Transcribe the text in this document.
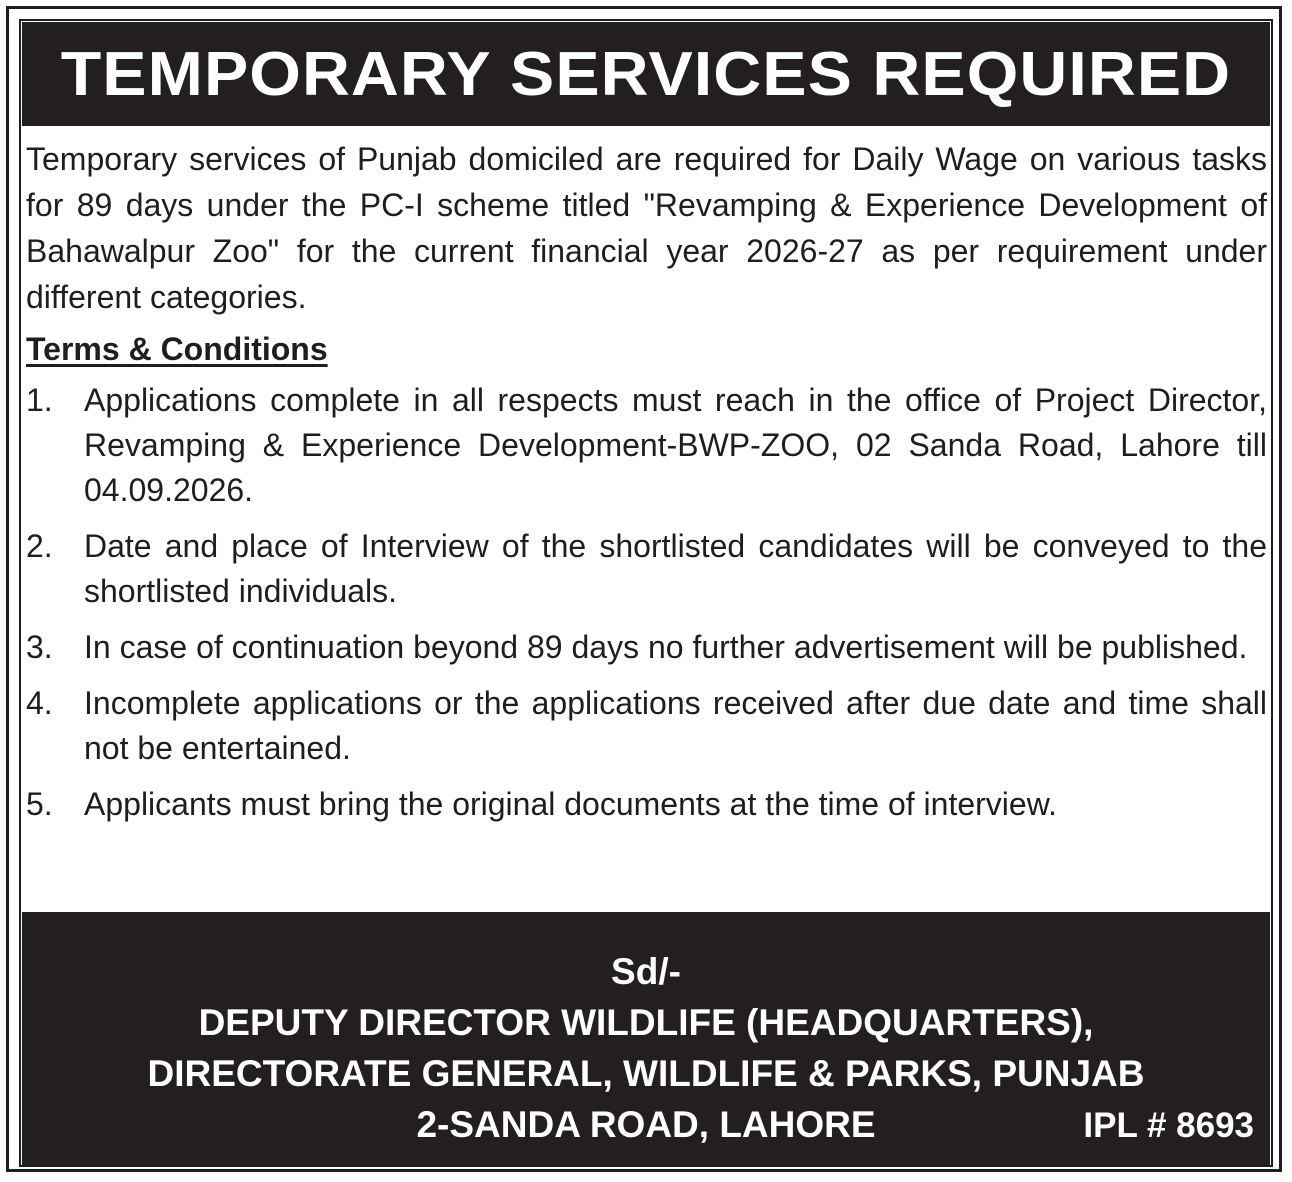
TEMPORARY SERVICES REQUIRED

Temporary services of Punjab domiciled are required for Daily Wage on various tasks for 89 days under the PC-I scheme titled "Revamping & Experience Development of Bahawalpur Zoo" for the current financial year 2026-27 as per requirement under different categories.

Terms & Conditions
1. Applications complete in all respects must reach in the office of Project Director, Revamping & Experience Development-BWP-ZOO, 02 Sanda Road, Lahore till 04.09.2026.
2. Date and place of Interview of the shortlisted candidates will be conveyed to the shortlisted individuals.
3. In case of continuation beyond 89 days no further advertisement will be published.
4. Incomplete applications or the applications received after due date and time shall not be entertained.
5. Applicants must bring the original documents at the time of interview.
Sd/-
DEPUTY DIRECTOR WILDLIFE (HEADQUARTERS),
DIRECTORATE GENERAL, WILDLIFE & PARKS, PUNJAB
2-SANDA ROAD, LAHORE	IPL # 8693
